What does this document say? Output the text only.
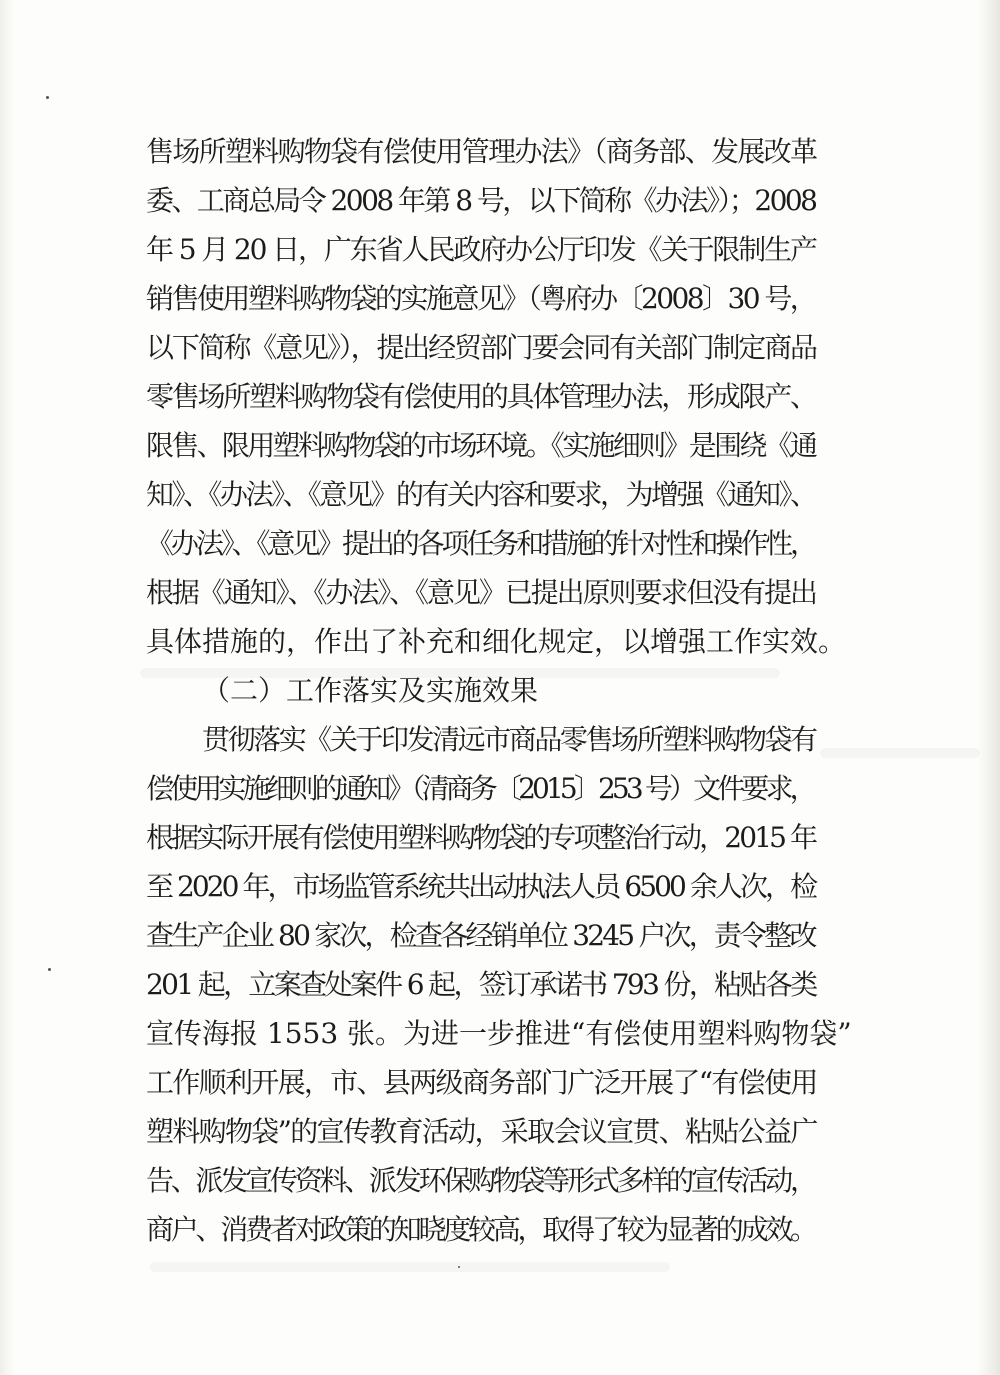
售场所塑料购物袋有偿使用管理办法》（商务部、发展改革
委、工商总局令 2008 年第 8 号，以下简称《办法》）；2008
年 5 月 20 日，广东省人民政府办公厅印发《关于限制生产
销售使用塑料购物袋的实施意见》（粤府办〔2008〕30 号，
以下简称《意见》），提出经贸部门要会同有关部门制定商品
零售场所塑料购物袋有偿使用的具体管理办法，形成限产、
限售、限用塑料购物袋的市场环境。《实施细则》是围绕《通
知》、《办法》、《意见》的有关内容和要求，为增强《通知》、
《办法》、《意见》提出的各项任务和措施的针对性和操作性，
根据《通知》、《办法》、《意见》已提出原则要求但没有提出
具体措施的，作出了补充和细化规定，以增强工作实效。
（二）工作落实及实施效果
贯彻落实《关于印发清远市商品零售场所塑料购物袋有
偿使用实施细则的通知》（清商务〔2015〕253 号）文件要求，
根据实际开展有偿使用塑料购物袋的专项整治行动，2015 年
至 2020 年，市场监管系统共出动执法人员 6500 余人次，检
查生产企业 80 家次，检查各经销单位 3245 户次，责令整改
201 起，立案查处案件 6 起，签订承诺书 793 份，粘贴各类
宣传海报 1553 张。为进一步推进“有偿使用塑料购物袋”
工作顺利开展，市、县两级商务部门广泛开展了“有偿使用
塑料购物袋”的宣传教育活动，采取会议宣贯、粘贴公益广
告、派发宣传资料、派发环保购物袋等形式多样的宣传活动，
商户、消费者对政策的知晓度较高，取得了较为显著的成效。
